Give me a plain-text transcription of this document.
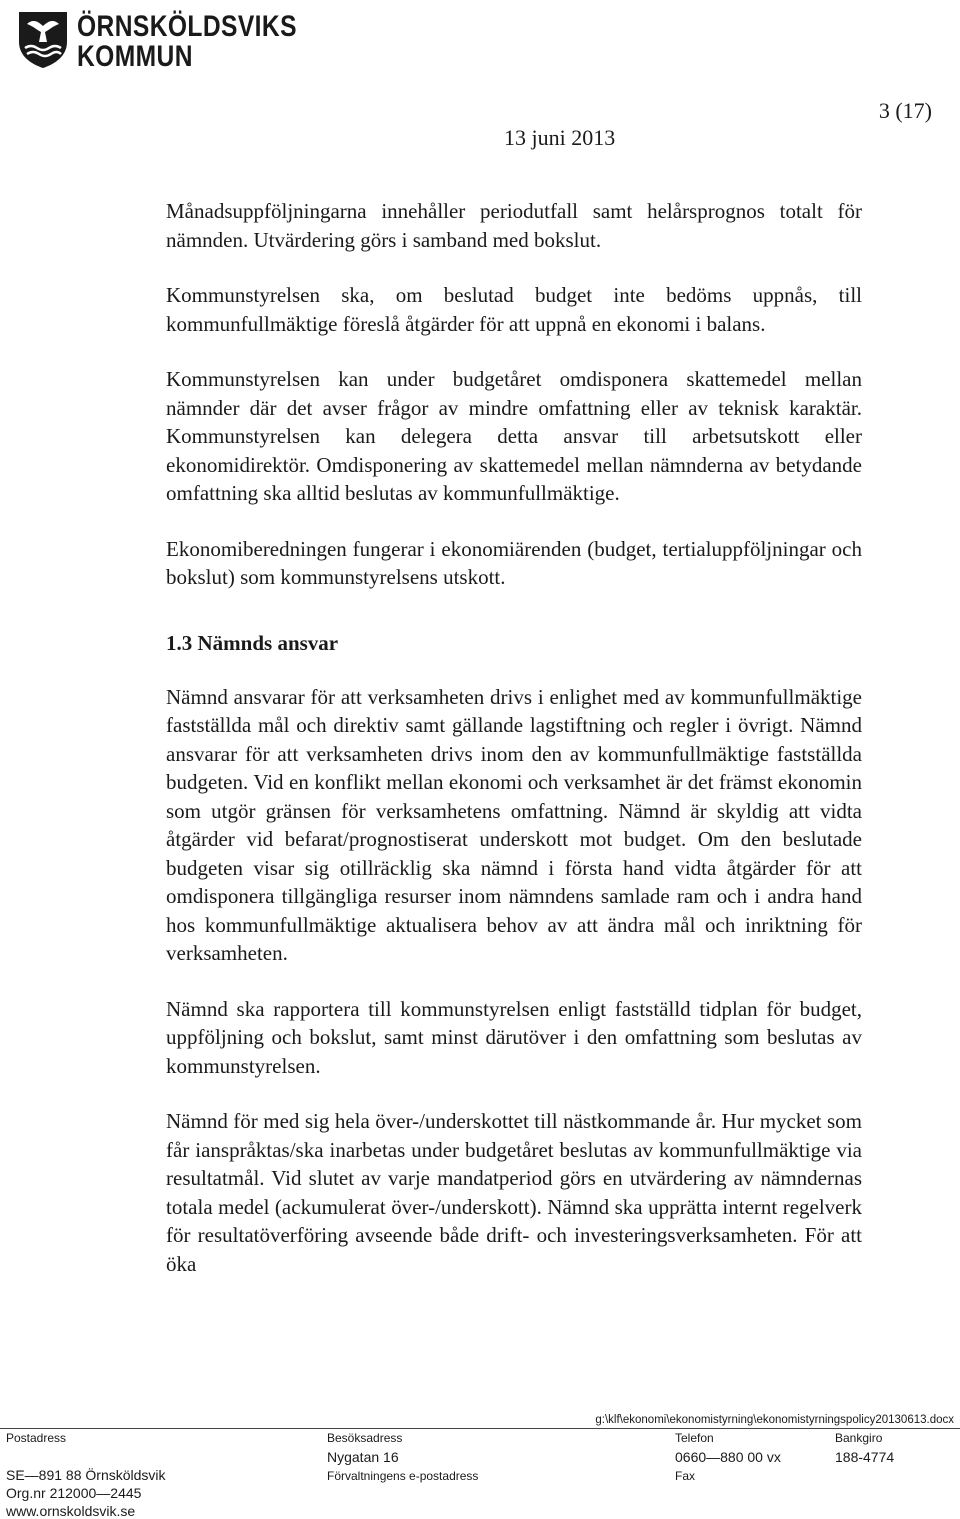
ÖRNSKÖLDSVIKS
KOMMUN
3 (17)
13 juni 2013

Månadsuppföljningarna innehåller periodutfall samt helårsprognos totalt för nämnden. Utvärdering görs i samband med bokslut.

Kommunstyrelsen ska, om beslutad budget inte bedöms uppnås, till kommunfullmäktige föreslå åtgärder för att uppnå en ekonomi i balans.

Kommunstyrelsen kan under budgetåret omdisponera skattemedel mellan nämnder där det avser frågor av mindre omfattning eller av teknisk karaktär. Kommunstyrelsen kan delegera detta ansvar till arbetsutskott eller ekonomidirektör. Omdisponering av skattemedel mellan nämnderna av betydande omfattning ska alltid beslutas av kommunfullmäktige.

Ekonomiberedningen fungerar i ekonomiärenden (budget, tertialuppföljningar och bokslut) som kommunstyrelsens utskott.

1.3 Nämnds ansvar

Nämnd ansvarar för att verksamheten drivs i enlighet med av kommunfullmäktige fastställda mål och direktiv samt gällande lagstiftning och regler i övrigt. Nämnd ansvarar för att verksamheten drivs inom den av kommunfullmäktige fastställda budgeten. Vid en konflikt mellan ekonomi och verksamhet är det främst ekonomin som utgör gränsen för verksamhetens omfattning. Nämnd är skyldig att vidta åtgärder vid befarat/prognostiserat underskott mot budget. Om den beslutade budgeten visar sig otillräcklig ska nämnd i första hand vidta åtgärder för att omdisponera tillgängliga resurser inom nämndens samlade ram och i andra hand hos kommunfullmäktige aktualisera behov av att ändra mål och inriktning för verksamheten.

Nämnd ska rapportera till kommunstyrelsen enligt fastställd tidplan för budget, uppföljning och bokslut, samt minst därutöver i den omfattning som beslutas av kommunstyrelsen.

Nämnd för med sig hela över-/underskottet till nästkommande år. Hur mycket som får ianspråktas/ska inarbetas under budgetåret beslutas av kommunfullmäktige via resultatmål. Vid slutet av varje mandatperiod görs en utvärdering av nämndernas totala medel (ackumulerat över-/underskott). Nämnd ska upprätta internt regelverk för resultatöverföring avseende både drift- och investeringsverksamheten. För att öka

g:\klf\ekonomi\ekonomistyrning\ekonomistyrningspolicy20130613.docx
Postadress
SE—891 88 Örnsköldsvik
Org.nr 212000—2445
www.ornskoldsvik.se
Besöksadress
Nygatan 16
Förvaltningens e-postadress
Telefon
0660—880 00 vx
Fax
Bankgiro
188-4774
